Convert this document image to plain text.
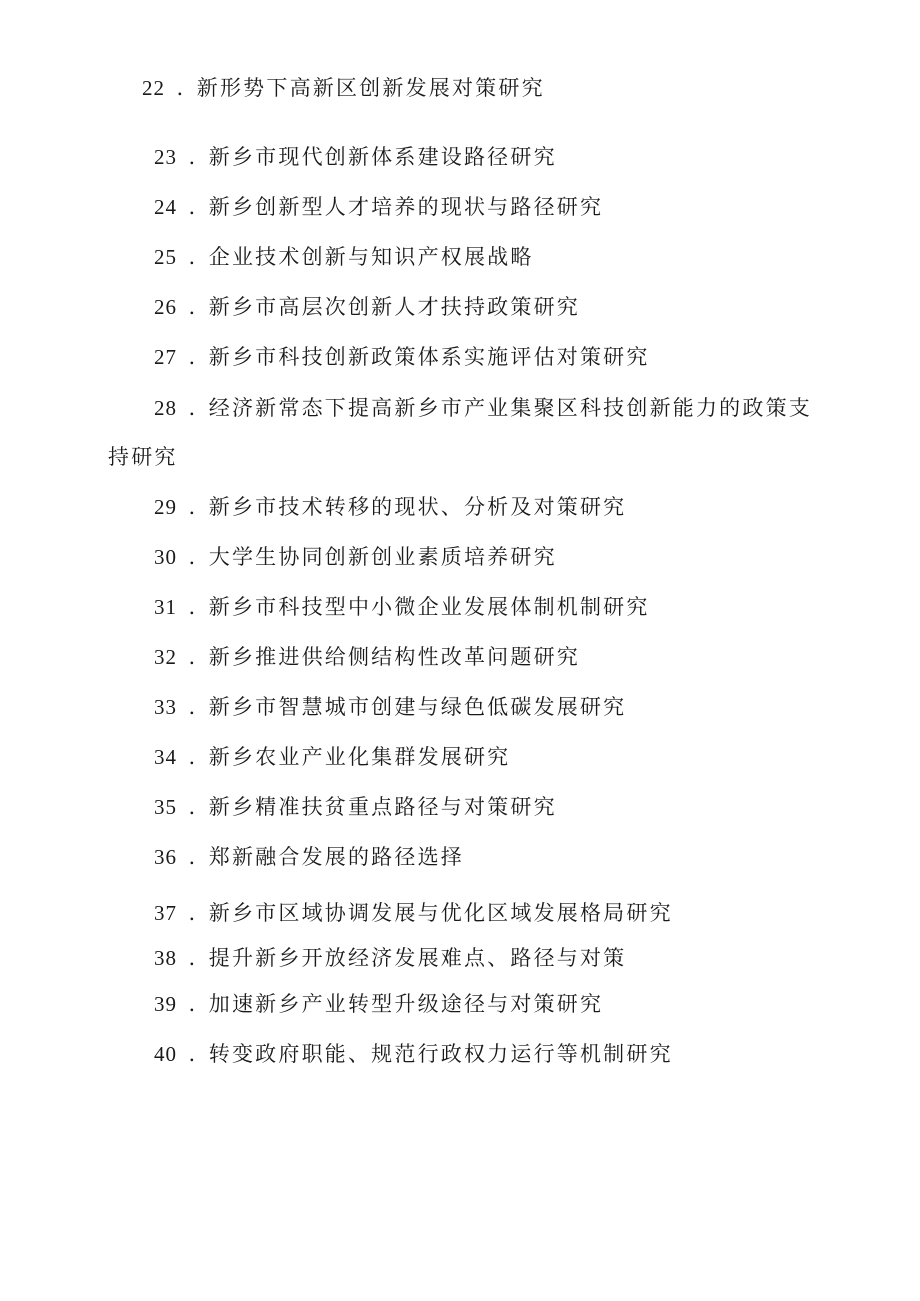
22 . 新形势下高新区创新发展对策研究
23 . 新乡市现代创新体系建设路径研究
24 . 新乡创新型人才培养的现状与路径研究
25 . 企业技术创新与知识产权展战略
26 . 新乡市高层次创新人才扶持政策研究
27 . 新乡市科技创新政策体系实施评估对策研究
28 . 经济新常态下提高新乡市产业集聚区科技创新能力的政策支
持研究
29 . 新乡市技术转移的现状、分析及对策研究
30 . 大学生协同创新创业素质培养研究
31 . 新乡市科技型中小微企业发展体制机制研究
32 . 新乡推进供给侧结构性改革问题研究
33 . 新乡市智慧城市创建与绿色低碳发展研究
34 . 新乡农业产业化集群发展研究
35 . 新乡精准扶贫重点路径与对策研究
36 . 郑新融合发展的路径选择
37 . 新乡市区域协调发展与优化区域发展格局研究
38 . 提升新乡开放经济发展难点、路径与对策
39 . 加速新乡产业转型升级途径与对策研究
40 . 转变政府职能、规范行政权力运行等机制研究
